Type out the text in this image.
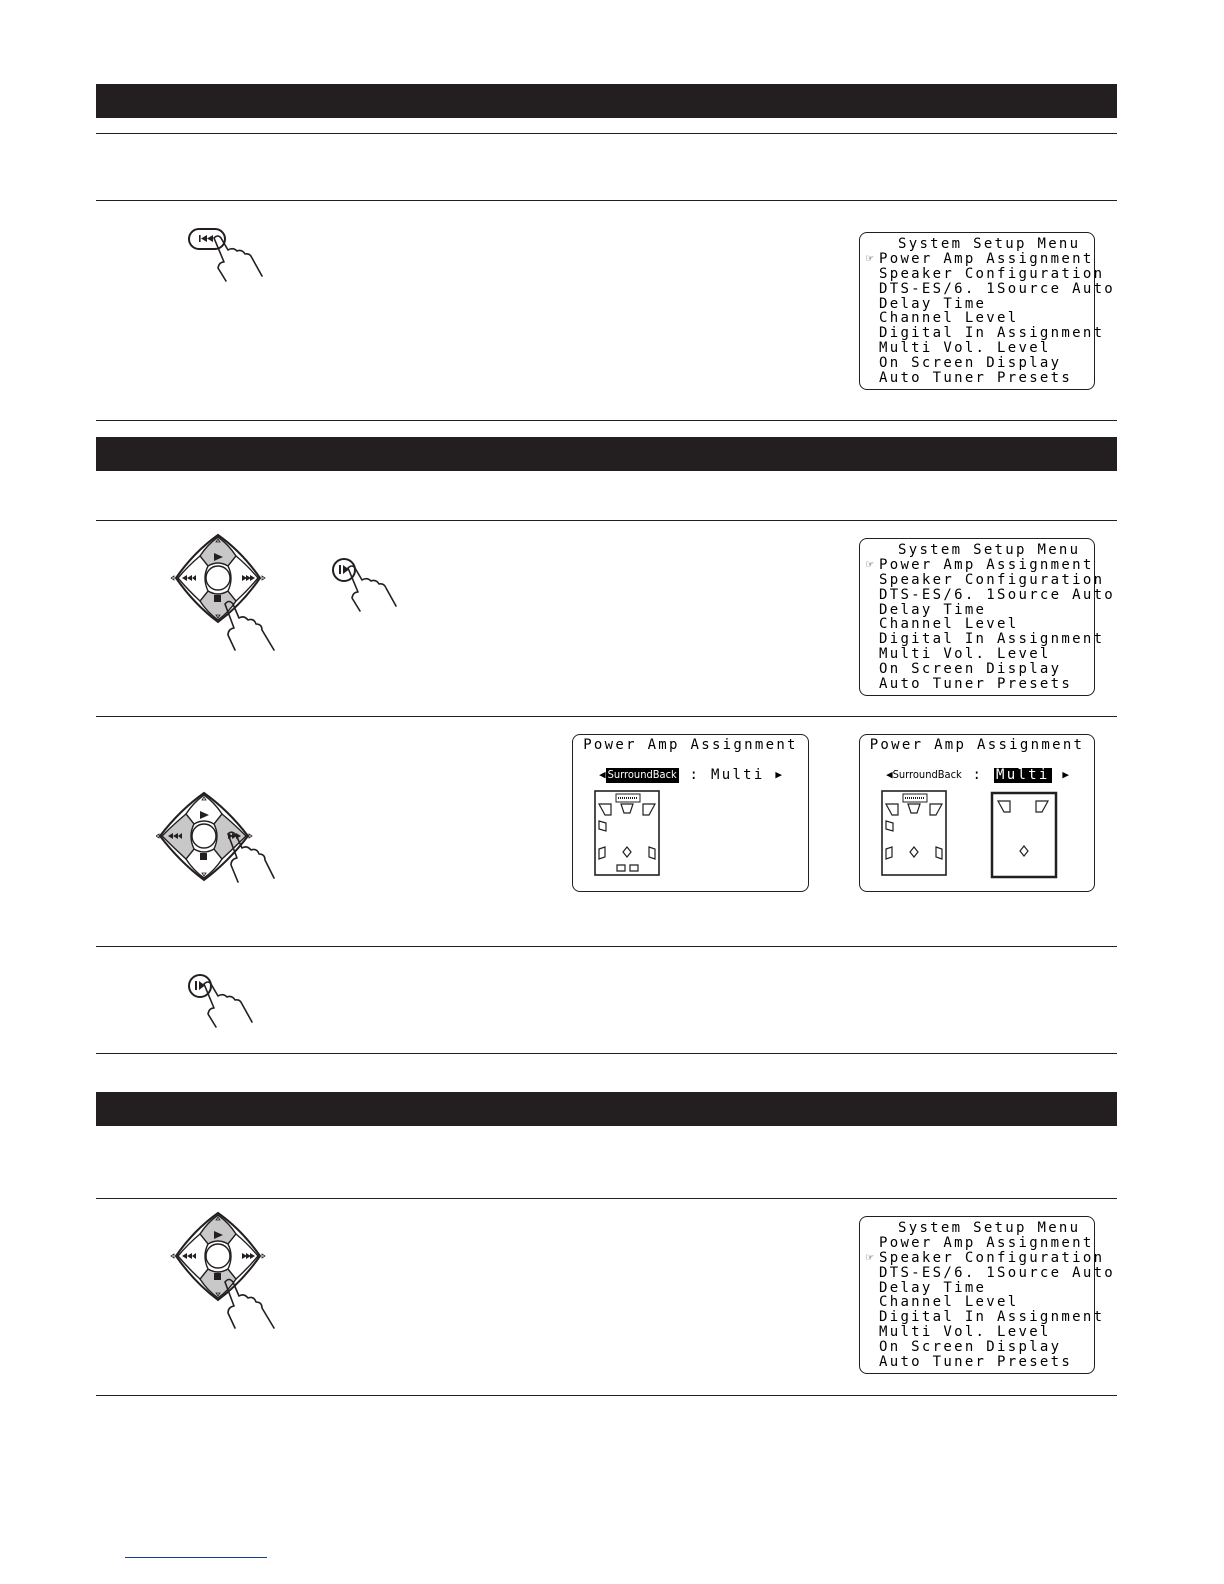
System Setup Menu
☞ Power Amp Assignment
Speaker Configuration
DTS-ES/6. 1Source Auto
Delay Time
Channel Level
Digital In Assignment
Multi Vol. Level
On Screen Display
Auto Tuner Presets
System Setup Menu
☞ Power Amp Assignment
Speaker Configuration
DTS-ES/6. 1Source Auto
Delay Time
Channel Level
Digital In Assignment
Multi Vol. Level
On Screen Display
Auto Tuner Presets
Power Amp Assignment
◀ SurroundBack
:
Multi
▶
Power Amp Assignment
◀ SurroundBack
:
Multi
▶
System Setup Menu
Power Amp Assignment
☞ Speaker Configuration
DTS-ES/6. 1Source Auto
Delay Time
Channel Level
Digital In Assignment
Multi Vol. Level
On Screen Display
Auto Tuner Presets
